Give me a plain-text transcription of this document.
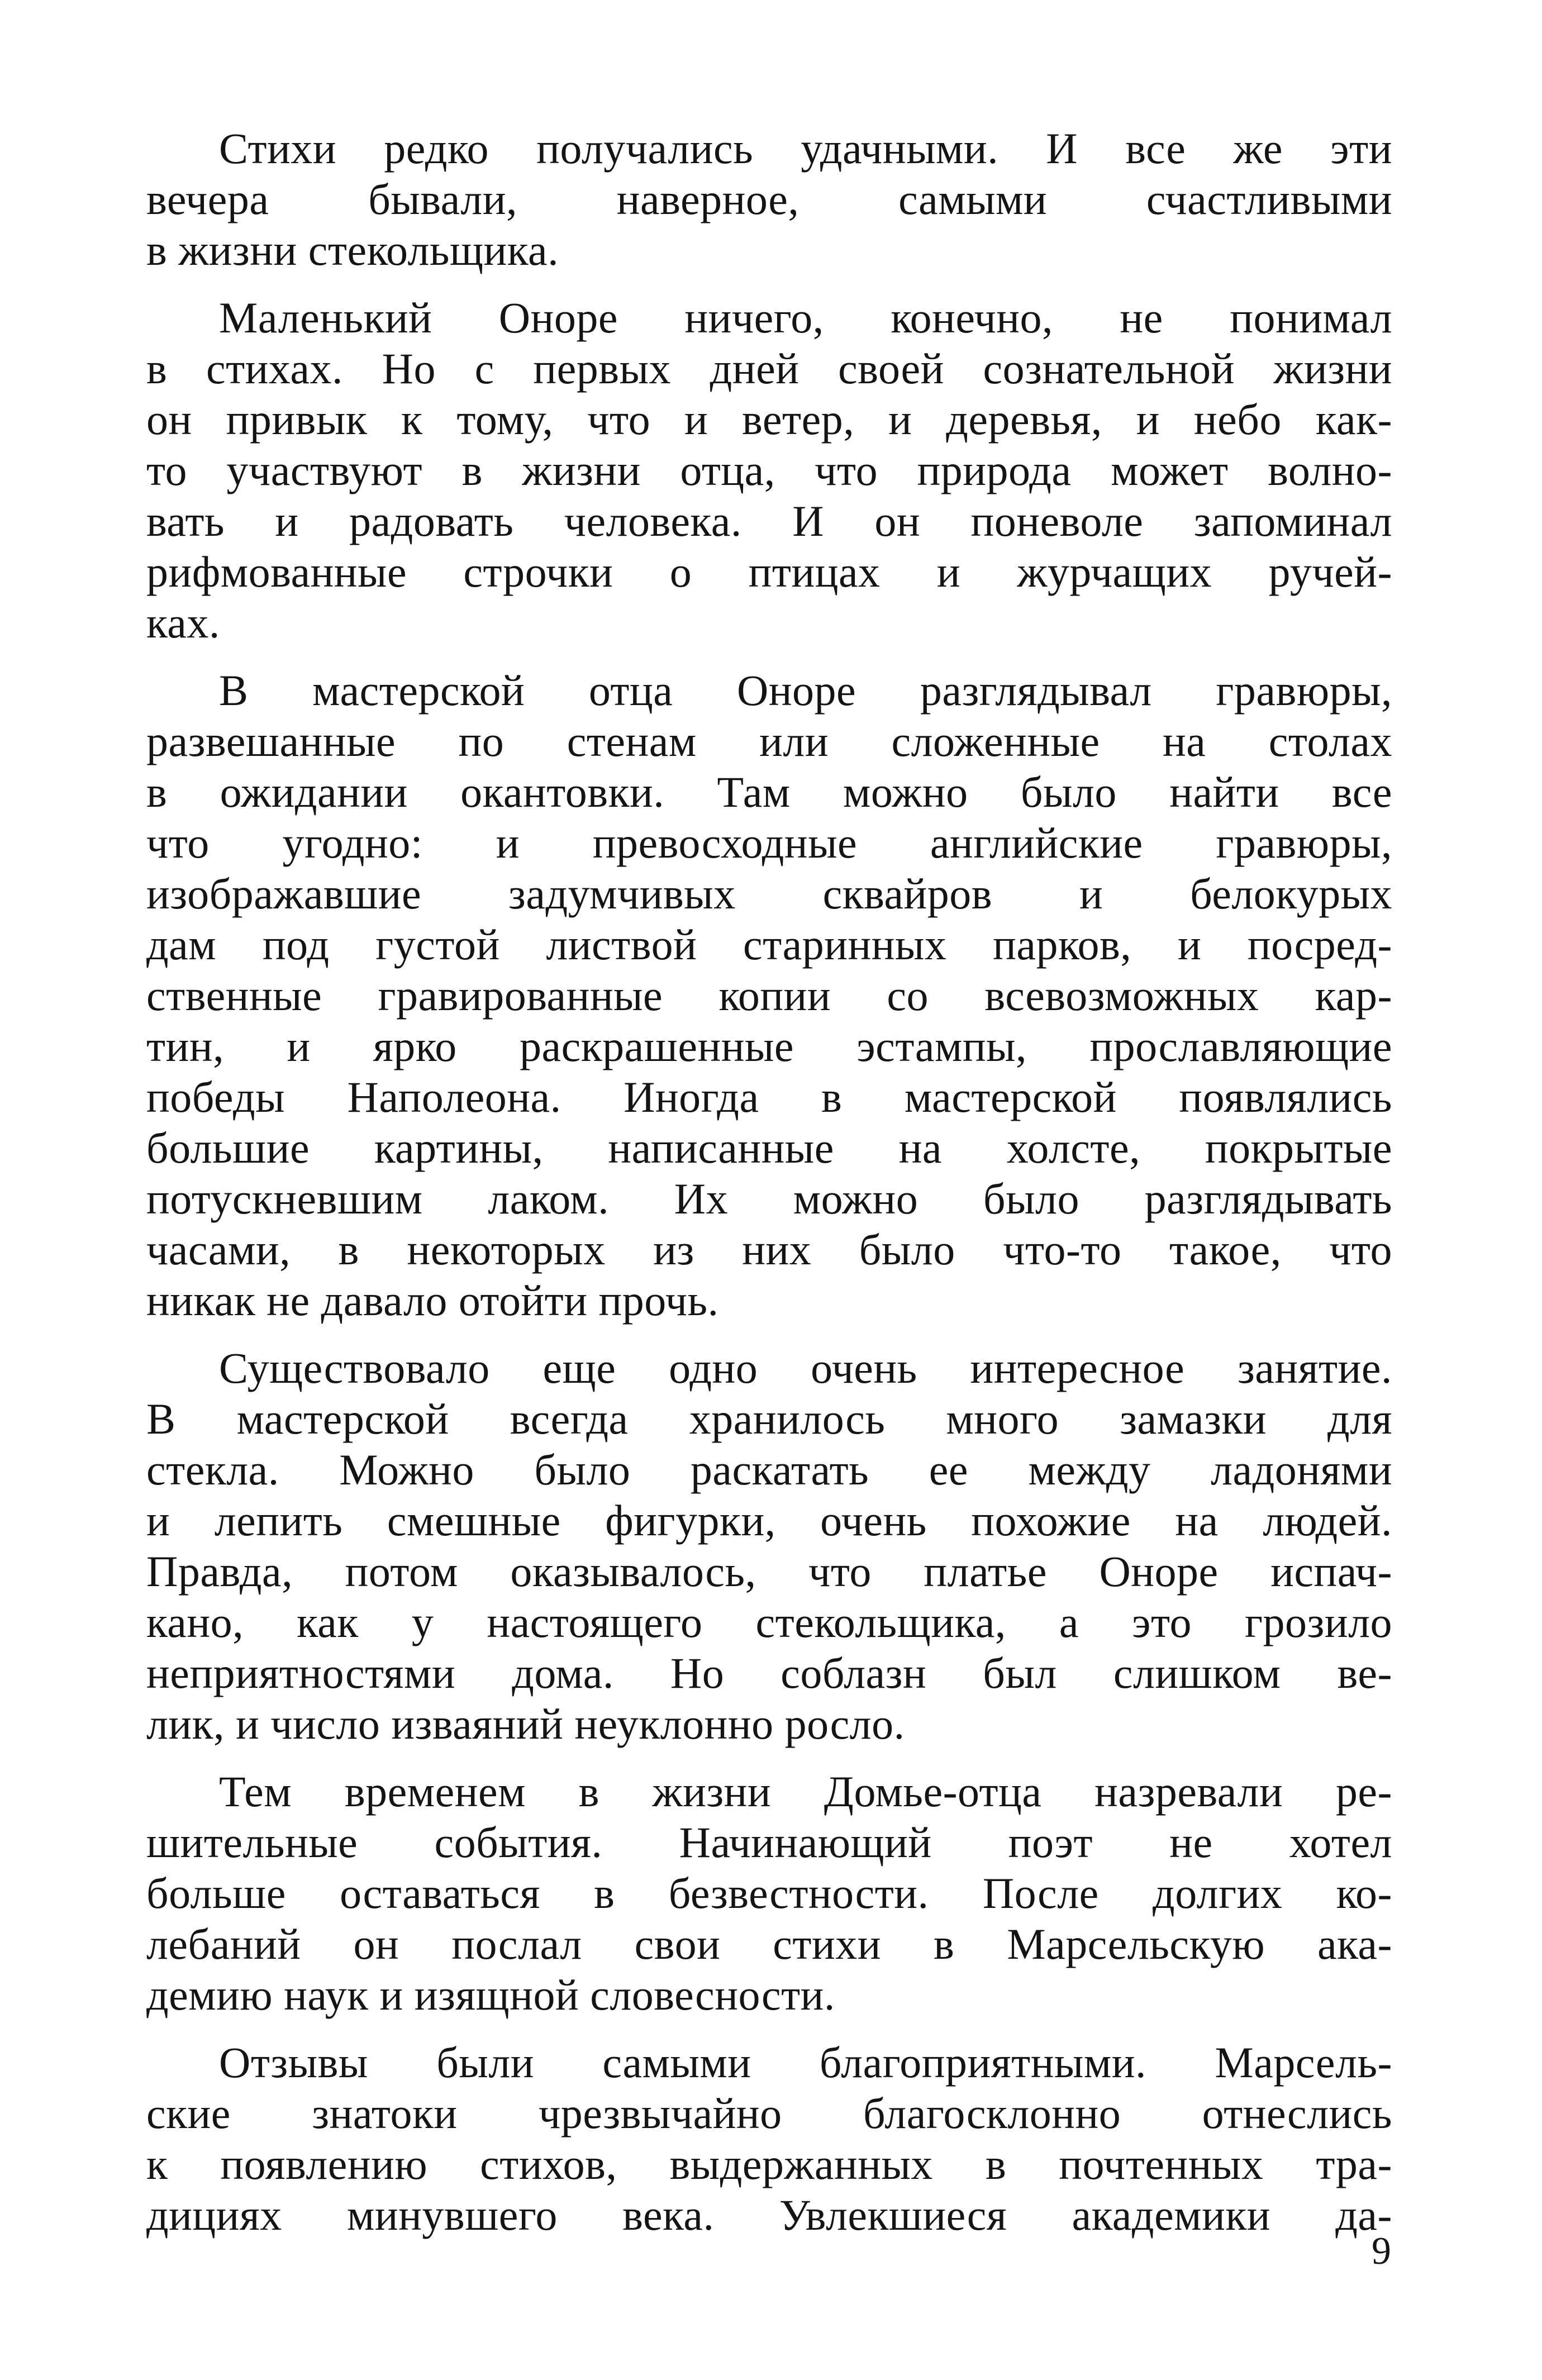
Стихи редко получались удачными. И все же эти
вечера бывали, наверное, самыми счастливыми
в жизни стекольщика.
Маленький Оноре ничего, конечно, не понимал
в стихах. Но с первых дней своей сознательной жизни
он привык к тому, что и ветер, и деревья, и небо как-
то участвуют в жизни отца, что природа может волно-
вать и радовать человека. И он поневоле запоминал
рифмованные строчки о птицах и журчащих ручей-
ках.
В мастерской отца Оноре разглядывал гравюры,
развешанные по стенам или сложенные на столах
в ожидании окантовки. Там можно было найти все
что угодно: и превосходные английские гравюры,
изображавшие задумчивых сквайров и белокурых
дам под густой листвой старинных парков, и посред-
ственные гравированные копии со всевозможных кар-
тин, и ярко раскрашенные эстампы, прославляющие
победы Наполеона. Иногда в мастерской появлялись
большие картины, написанные на холсте, покрытые
потускневшим лаком. Их можно было разглядывать
часами, в некоторых из них было что-то такое, что
никак не давало отойти прочь.
Существовало еще одно очень интересное занятие.
В мастерской всегда хранилось много замазки для
стекла. Можно было раскатать ее между ладонями
и лепить смешные фигурки, очень похожие на людей.
Правда, потом оказывалось, что платье Оноре испач-
кано, как у настоящего стекольщика, а это грозило
неприятностями дома. Но соблазн был слишком ве-
лик, и число изваяний неуклонно росло.
Тем временем в жизни Домье-отца назревали ре-
шительные события. Начинающий поэт не хотел
больше оставаться в безвестности. После долгих ко-
лебаний он послал свои стихи в Марсельскую ака-
демию наук и изящной словесности.
Отзывы были самыми благоприятными. Марсель-
ские знатоки чрезвычайно благосклонно отнеслись
к появлению стихов, выдержанных в почтенных тра-
дициях минувшего века. Увлекшиеся академики да-
9
